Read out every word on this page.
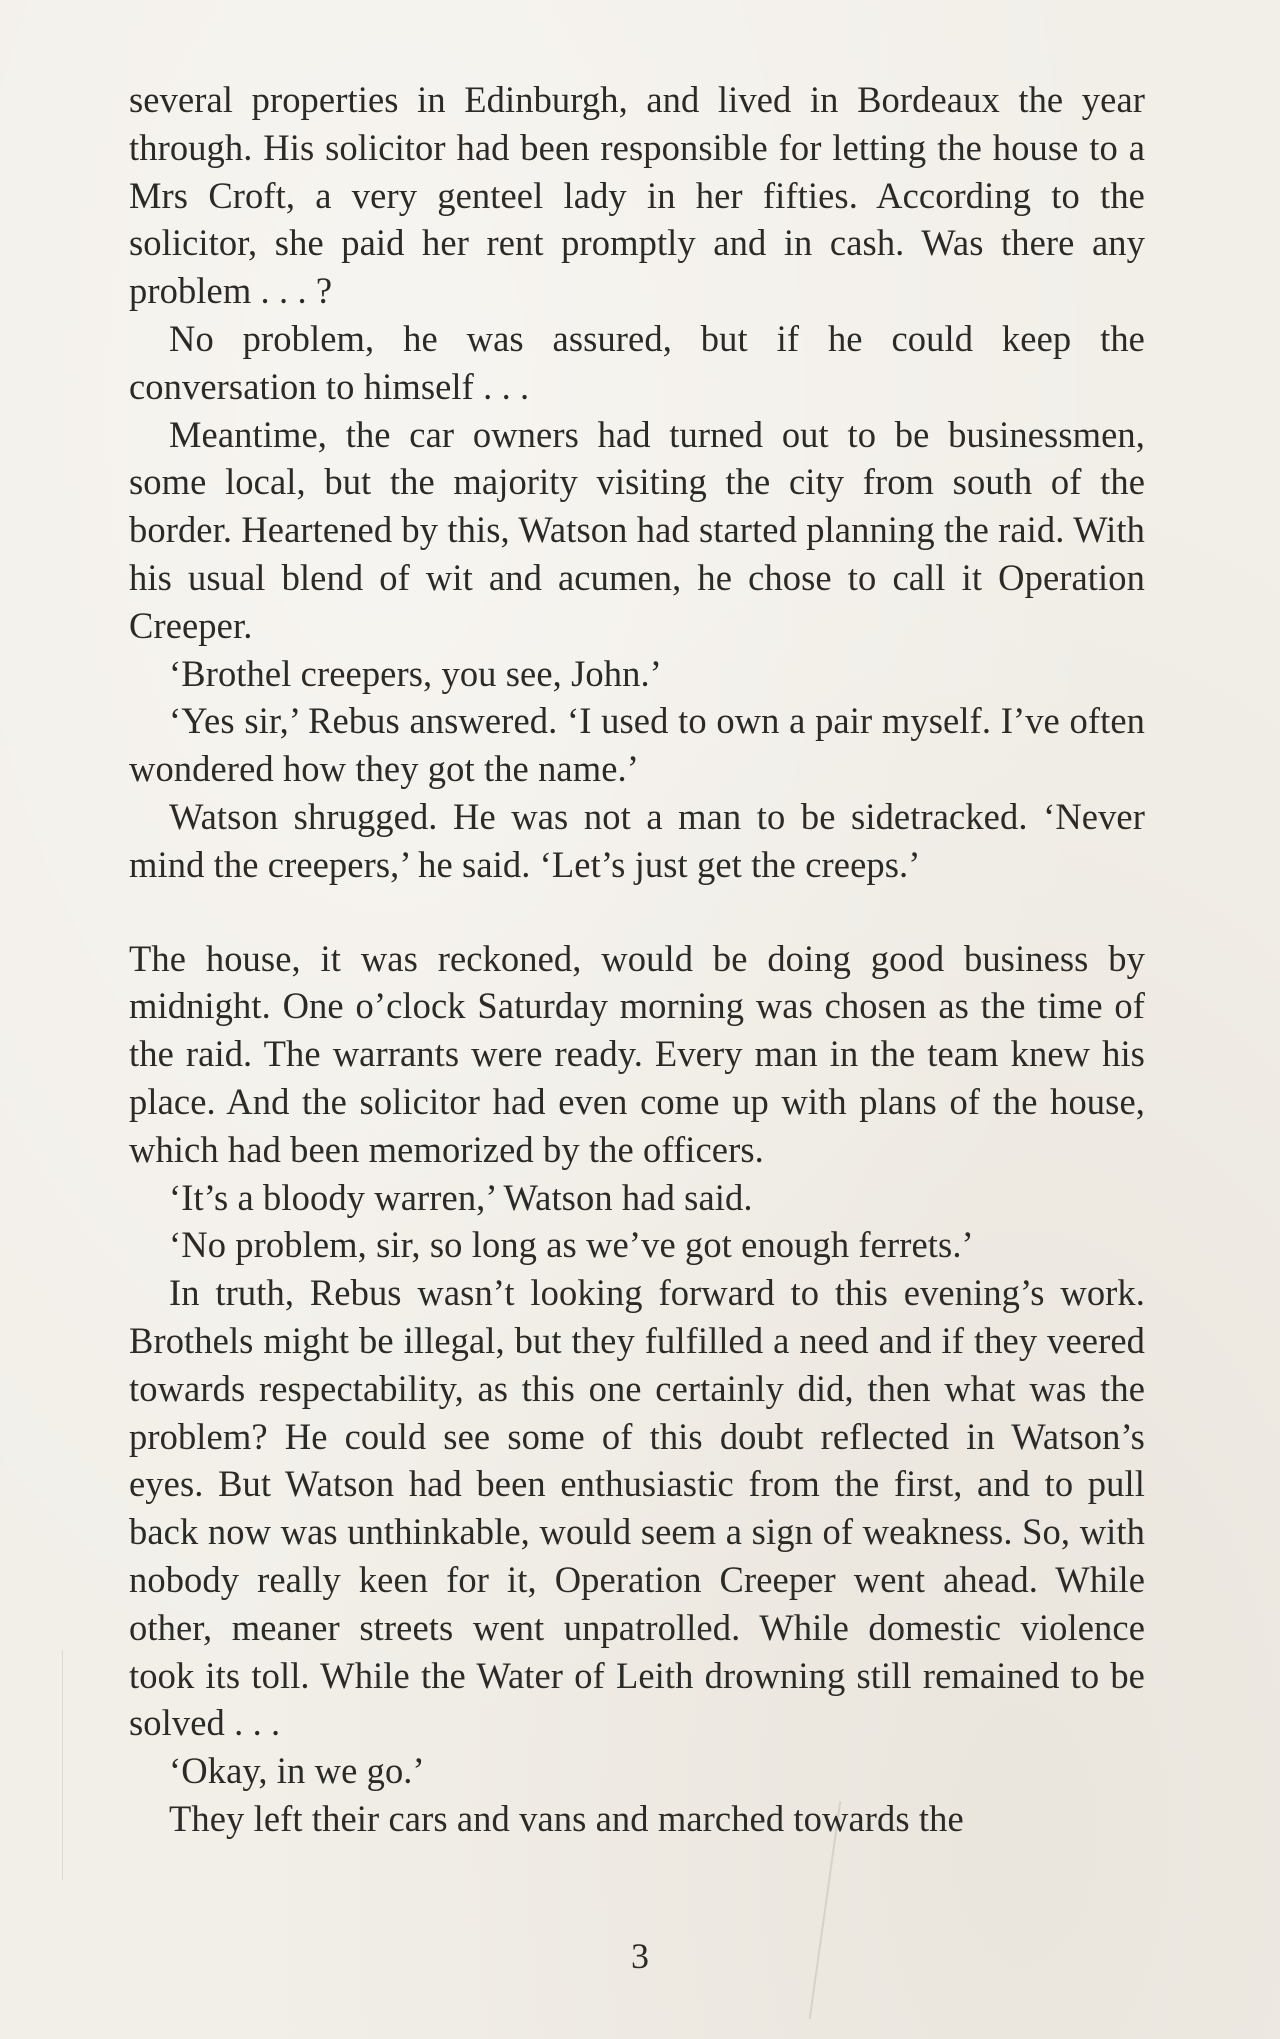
several properties in Edinburgh, and lived in Bordeaux the year through. His solicitor had been responsible for letting the house to a Mrs Croft, a very genteel lady in her fifties. According to the solicitor, she paid her rent promptly and in cash. Was there any problem . . . ?

No problem, he was assured, but if he could keep the conversation to himself . . .

Meantime, the car owners had turned out to be businessmen, some local, but the majority visiting the city from south of the border. Heartened by this, Watson had started planning the raid. With his usual blend of wit and acumen, he chose to call it Operation Creeper.

‘Brothel creepers, you see, John.’

‘Yes sir,’ Rebus answered. ‘I used to own a pair myself. I’ve often wondered how they got the name.’

Watson shrugged. He was not a man to be sidetracked. ‘Never mind the creepers,’ he said. ‘Let’s just get the creeps.’

The house, it was reckoned, would be doing good business by midnight. One o’clock Saturday morning was chosen as the time of the raid. The warrants were ready. Every man in the team knew his place. And the solicitor had even come up with plans of the house, which had been memorized by the officers.

‘It’s a bloody warren,’ Watson had said.

‘No problem, sir, so long as we’ve got enough ferrets.’

In truth, Rebus wasn’t looking forward to this evening’s work. Brothels might be illegal, but they fulfilled a need and if they veered towards respectability, as this one certainly did, then what was the problem? He could see some of this doubt reflected in Watson’s eyes. But Watson had been enthusiastic from the first, and to pull back now was unthinkable, would seem a sign of weakness. So, with nobody really keen for it, Operation Creeper went ahead. While other, meaner streets went unpatrolled. While domestic violence took its toll. While the Water of Leith drowning still remained to be solved . . .

‘Okay, in we go.’

They left their cars and vans and marched towards the

3
